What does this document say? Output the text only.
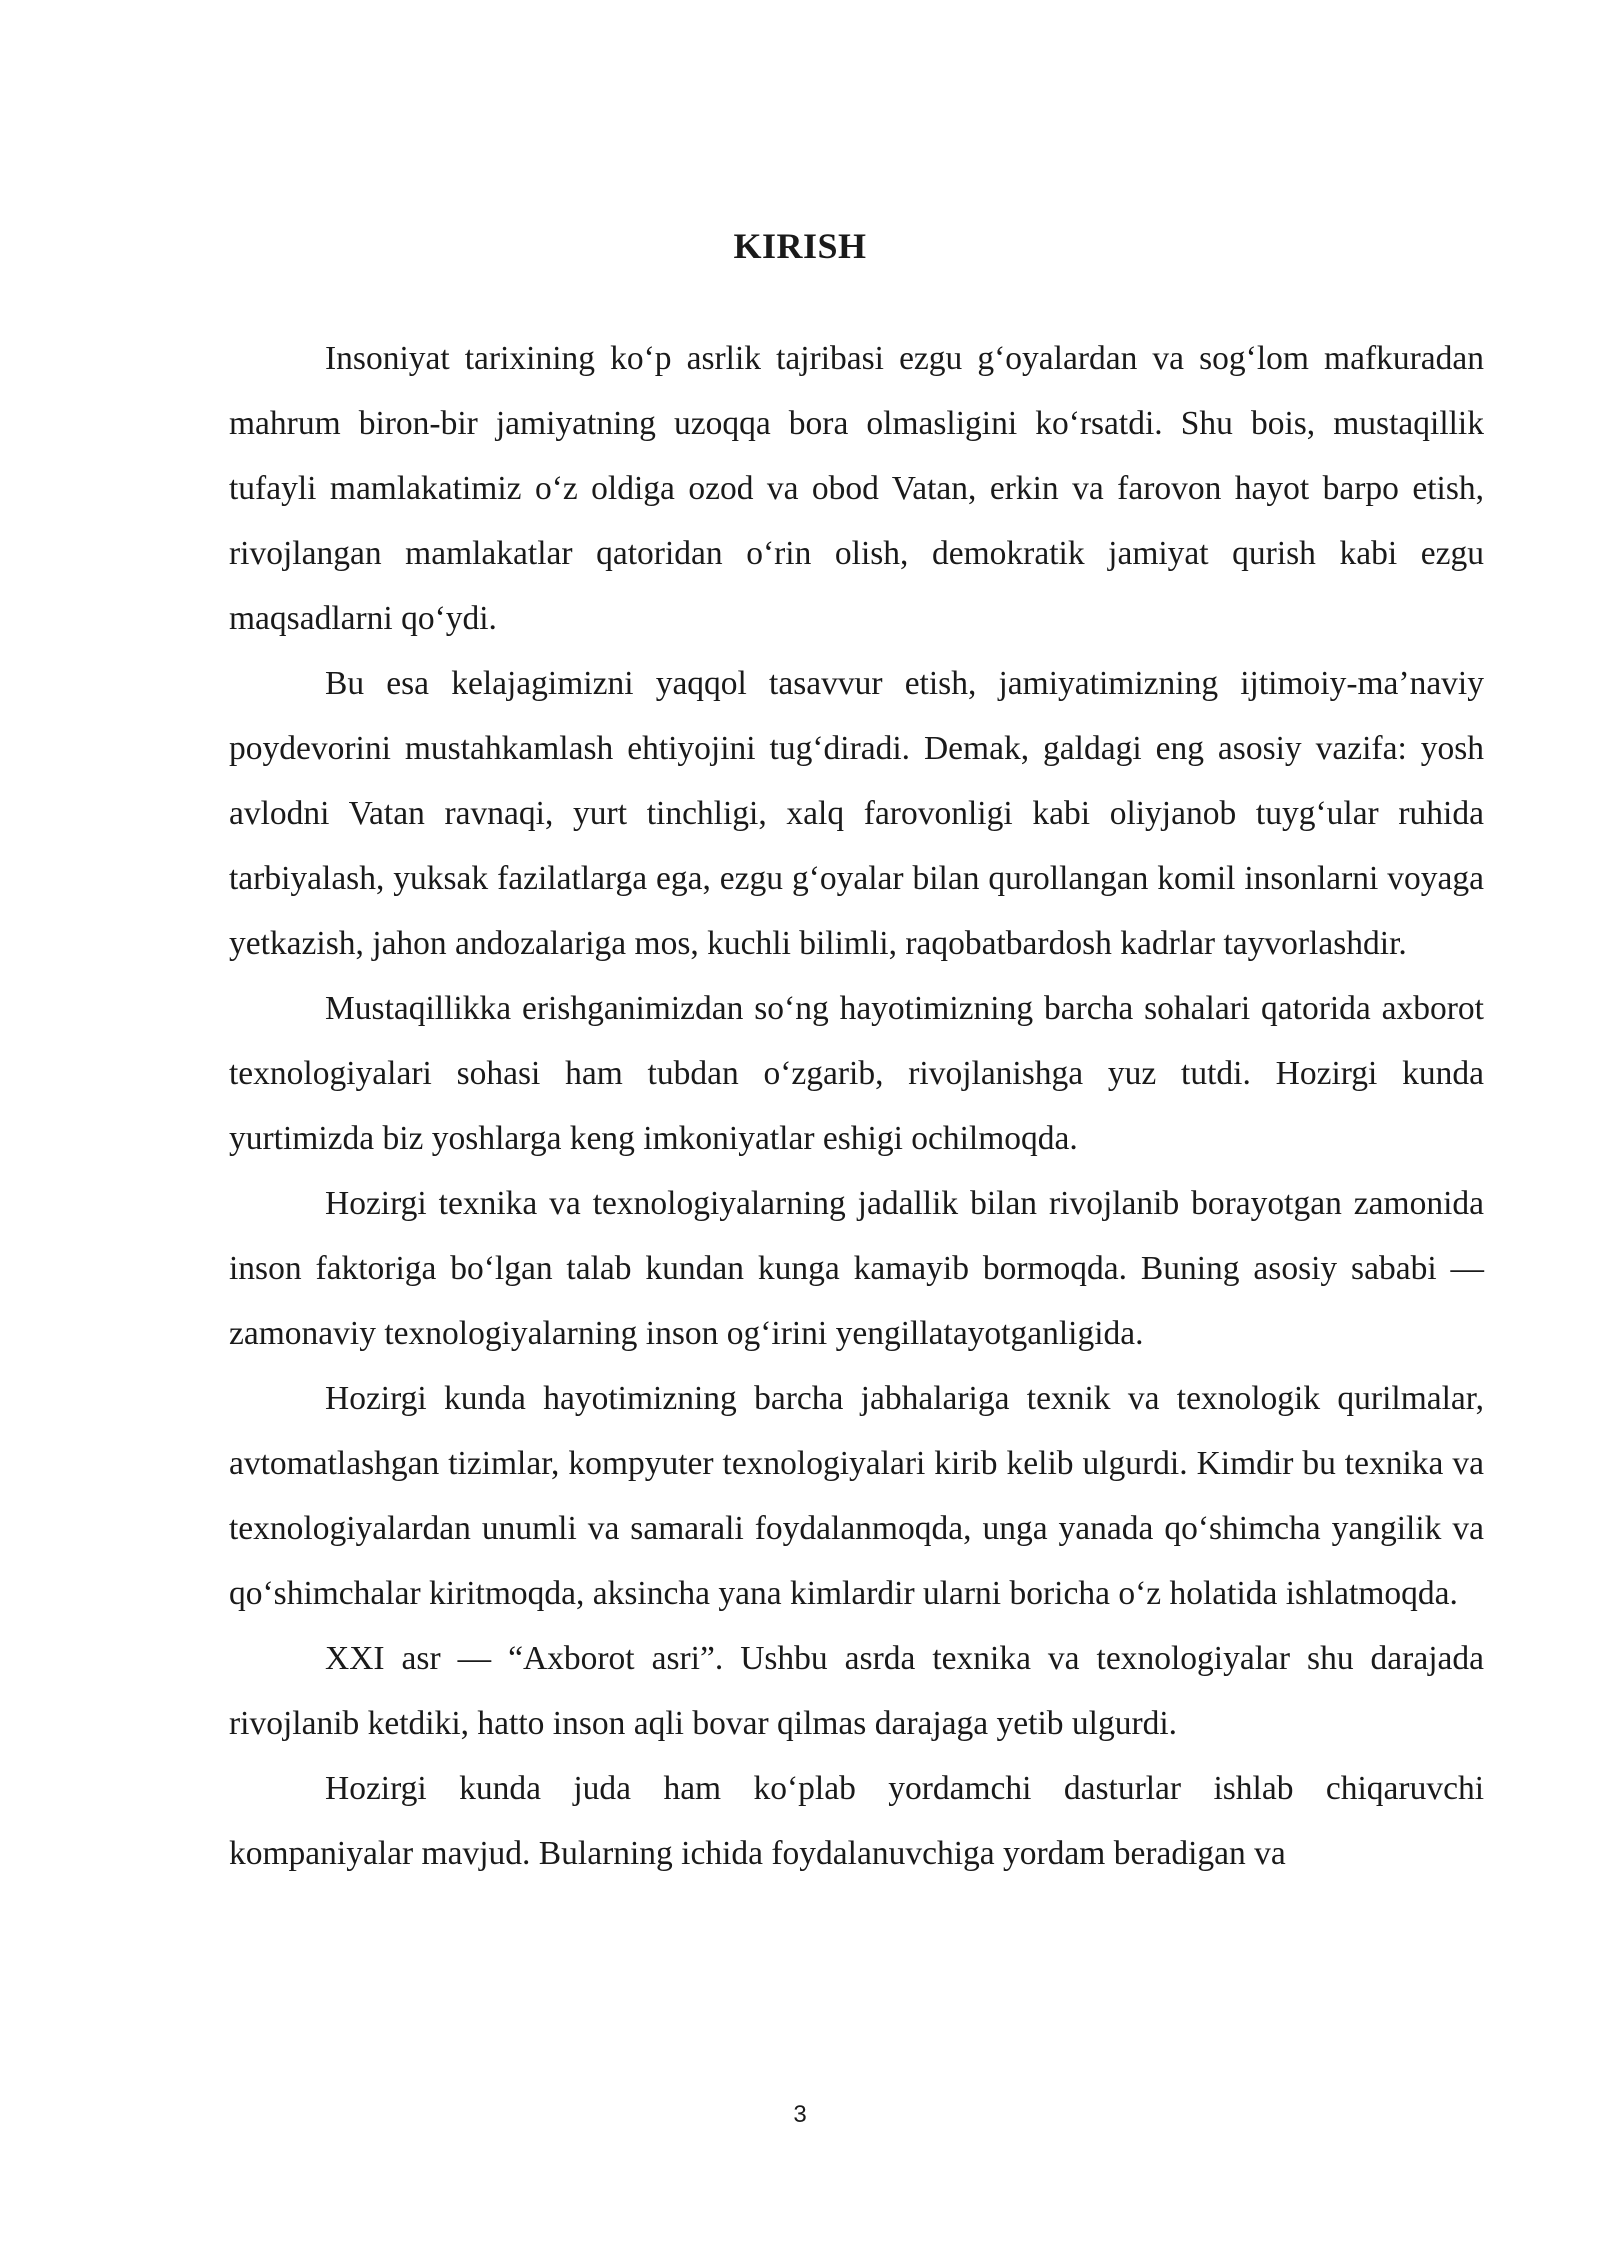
KIRISH

Insoniyat tarixining ko‘p asrlik tajribasi ezgu g‘oyalardan va sog‘lom mafkuradan mahrum biron-bir jamiyatning uzoqqa bora olmasligini ko‘rsatdi. Shu bois, mustaqillik tufayli mamlakatimiz o‘z oldiga ozod va obod Vatan, erkin va farovon hayot barpo etish, rivojlangan mamlakatlar qatoridan o‘rin olish, demokratik jamiyat qurish kabi ezgu maqsadlarni qo‘ydi.

Bu esa kelajagimizni yaqqol tasavvur etish, jamiyatimizning ijtimoiy-ma’naviy poydevorini mustahkamlash ehtiyojini tug‘diradi. Demak, galdagi eng asosiy vazifa: yosh avlodni Vatan ravnaqi, yurt tinchligi, xalq farovonligi kabi oliyjanob tuyg‘ular ruhida tarbiyalash, yuksak fazilatlarga ega, ezgu g‘oyalar bilan qurollangan komil insonlarni voyaga yetkazish, jahon andozalariga mos, kuchli bilimli, raqobatbardosh kadrlar tayvorlashdir.

Mustaqillikka erishganimizdan so‘ng hayotimizning barcha sohalari qatorida axborot texnologiyalari sohasi ham tubdan o‘zgarib, rivojlanishga yuz tutdi. Hozirgi kunda yurtimizda biz yoshlarga keng imkoniyatlar eshigi ochilmoqda.

Hozirgi texnika va texnologiyalarning jadallik bilan rivojlanib borayotgan zamonida inson faktoriga bo‘lgan talab kundan kunga kamayib bormoqda. Buning asosiy sababi — zamonaviy texnologiyalarning inson og‘irini yengillatayotganligida.

Hozirgi kunda hayotimizning barcha jabhalariga texnik va texnologik qurilmalar, avtomatlashgan tizimlar, kompyuter texnologiyalari kirib kelib ulgurdi. Kimdir bu texnika va texnologiyalardan unumli va samarali foydalanmoqda, unga yanada qo‘shimcha yangilik va qo‘shimchalar kiritmoqda, aksincha yana kimlardir ularni boricha o‘z holatida ishlatmoqda.

XXI asr — “Axborot asri”. Ushbu asrda texnika va texnologiyalar shu darajada rivojlanib ketdiki, hatto inson aqli bovar qilmas darajaga yetib ulgurdi.

Hozirgi kunda juda ham ko‘plab yordamchi dasturlar ishlab chiqaruvchi kompaniyalar mavjud. Bularning ichida foydalanuvchiga yordam beradigan va

3
